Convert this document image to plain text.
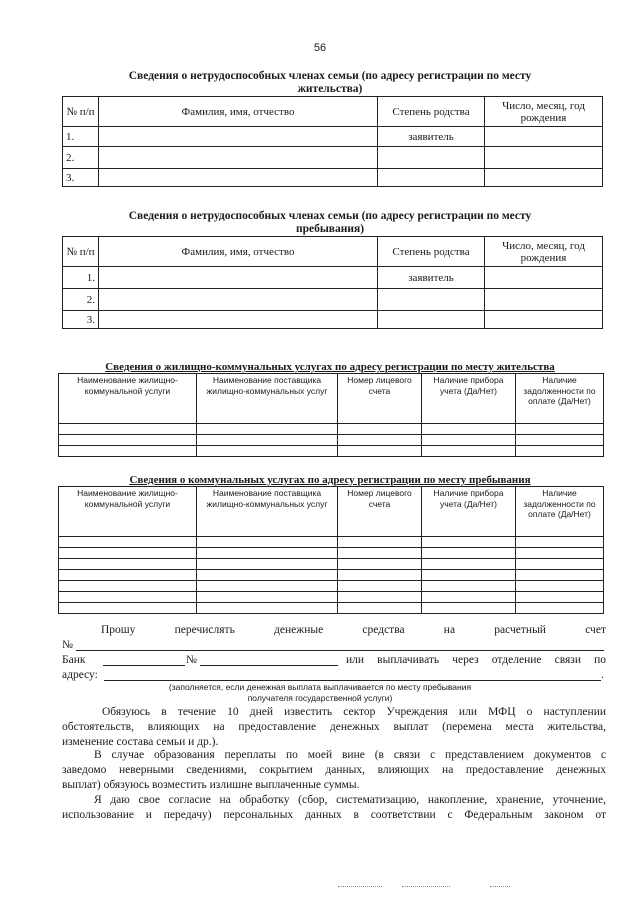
56
Сведения о нетрудоспособных членах семьи (по адресу регистрации по месту
жительства)
№ п/п	Фамилия, имя, отчество	Степень родства	Число, месяц, год рождения
1.		заявитель	
2.			
3.			
Сведения о нетрудоспособных членах семьи (по адресу регистрации по месту
пребывания)
№ п/п	Фамилия, имя, отчество	Степень родства	Число, месяц, год рождения
1.		заявитель	
2.			
3.			
Сведения о жилищно-коммунальных услугах по адресу регистрации по месту жительства
Наименование жилищно-коммунальной услуги	Наименование поставщика жилищно-коммунальных услуг	Номер лицевого счета	Наличие прибора учета (Да/Нет)	Наличие задолженности по оплате (Да/Нет)

Сведения о коммунальных услугах по адресу регистрации по месту пребывания
Наименование жилищно-коммунальной услуги	Наименование поставщика жилищно-коммунальных услуг	Номер лицевого счета	Наличие прибора учета (Да/Нет)	Наличие задолженности по оплате (Да/Нет)

Прошу	перечислять	денежные	средства	на	расчетный	счет
№
Банк	№	или выплачивать через отделение связи по
адресу:	.
(заполняется, если денежная выплата выплачивается по месту пребывания
получателя государственной услуги)
Обязуюсь в течение 10 дней известить сектор Учреждения или МФЦ о наступлении
обстоятельств, влияющих на предоставление денежных выплат (перемена места жительства,
изменение состава семьи и др.).
В случае образования переплаты по моей вине (в связи с представлением документов с
заведомо неверными сведениями, сокрытием данных, влияющих на предоставление денежных
выплат) обязуюсь возместить излишне выплаченные суммы.
Я даю свое согласие на обработку (сбор, систематизацию, накопление, хранение, уточнение,
использование и передачу) персональных данных в соответствии с Федеральным законом от
